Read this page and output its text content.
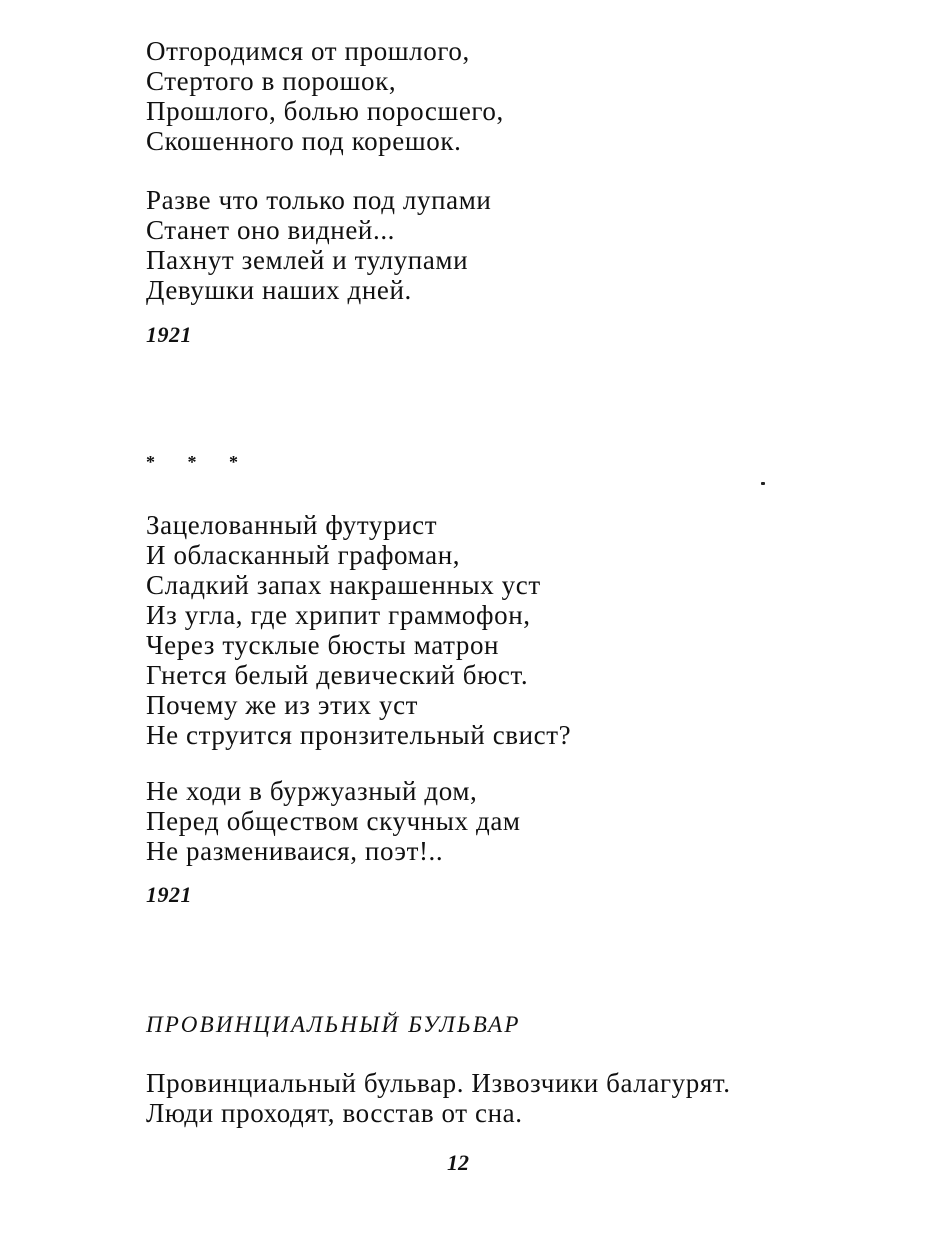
Отгородимся от прошлого,
Стертого в порошок,
Прошлого, болью поросшего,
Скошенного под корешок.
Разве что только под лупами
Станет оно видней...
Пахнут землей и тулупами
Девушки наших дней.
1921
* * *
Зацелованный футурист
И обласканный графоман,
Сладкий запах накрашенных уст
Из угла, где хрипит граммофон,
Через тусклые бюсты матрон
Гнется белый девический бюст.
Почему же из этих уст
Не струится пронзительный свист?
Не ходи в буржуазный дом,
Перед обществом скучных дам
Не размениваися, поэт!..
1921
ПРОВИНЦИАЛЬНЫЙ БУЛЬВАР
Провинциальный бульвар. Извозчики балагурят.
Люди проходят, восстав от сна.
12
